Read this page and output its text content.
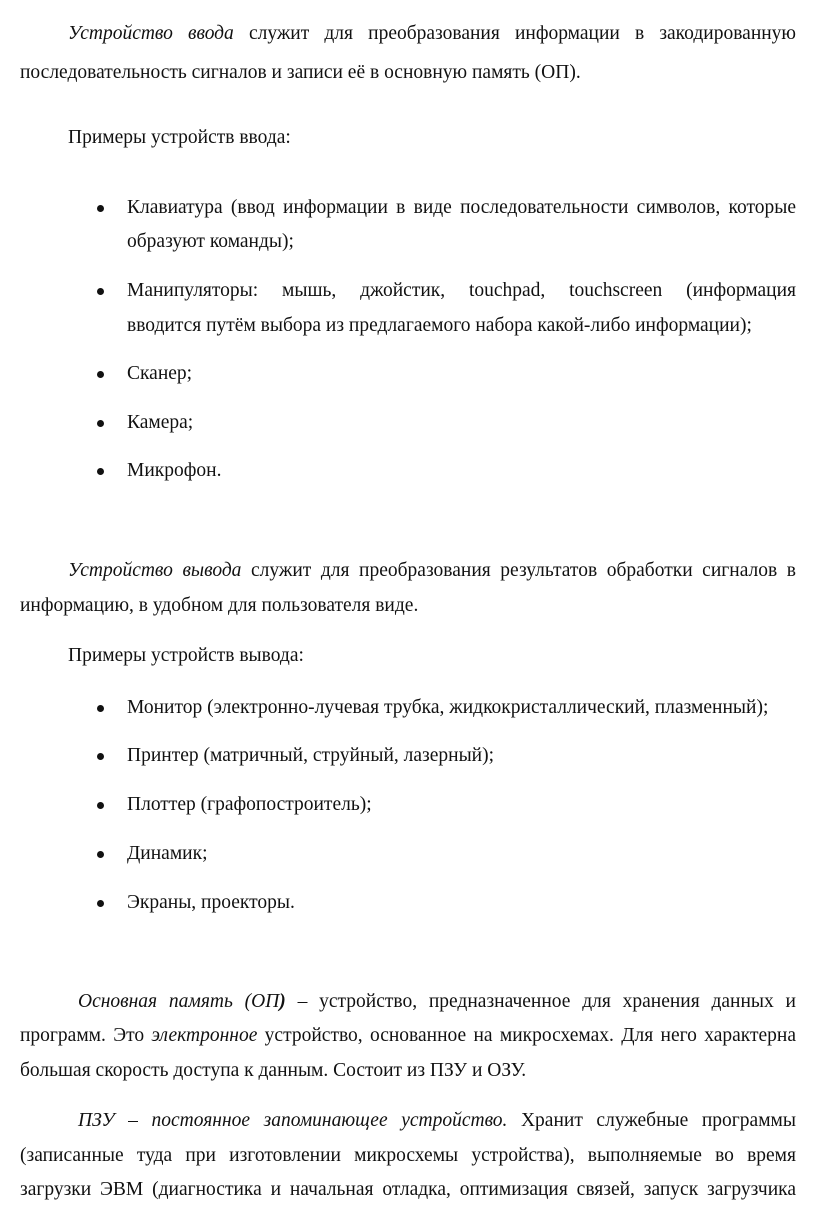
Устройство ввода служит для преобразования информации в закодированную
последовательность сигналов и записи её в основную память (ОП).
Примеры устройств ввода:
Клавиатура (ввод информации в виде последовательности символов, которые
образуют команды);
Манипуляторы: мышь, джойстик, touchpad, touchscreen (информация
вводится путём выбора из предлагаемого набора какой-либо информации);
Сканер;
Камера;
Микрофон.
Устройство вывода служит для преобразования результатов обработки сигналов в
информацию, в удобном для пользователя виде.
Примеры устройств вывода:
Монитор (электронно-лучевая трубка, жидкокристаллический, плазменный);
Принтер (матричный, струйный, лазерный);
Плоттер (графопостроитель);
Динамик;
Экраны, проекторы.
Основная память (ОП) – устройство, предназначенное для хранения данных и
программ. Это электронное устройство, основанное на микросхемах. Для него характерна
большая скорость доступа к данным. Состоит из ПЗУ и ОЗУ.
ПЗУ – постоянное запоминающее устройство. Хранит служебные программы
(записанные туда при изготовлении микросхемы устройства), выполняемые во время
загрузки ЭВМ (диагностика и начальная отладка, оптимизация связей, запуск загрузчика
